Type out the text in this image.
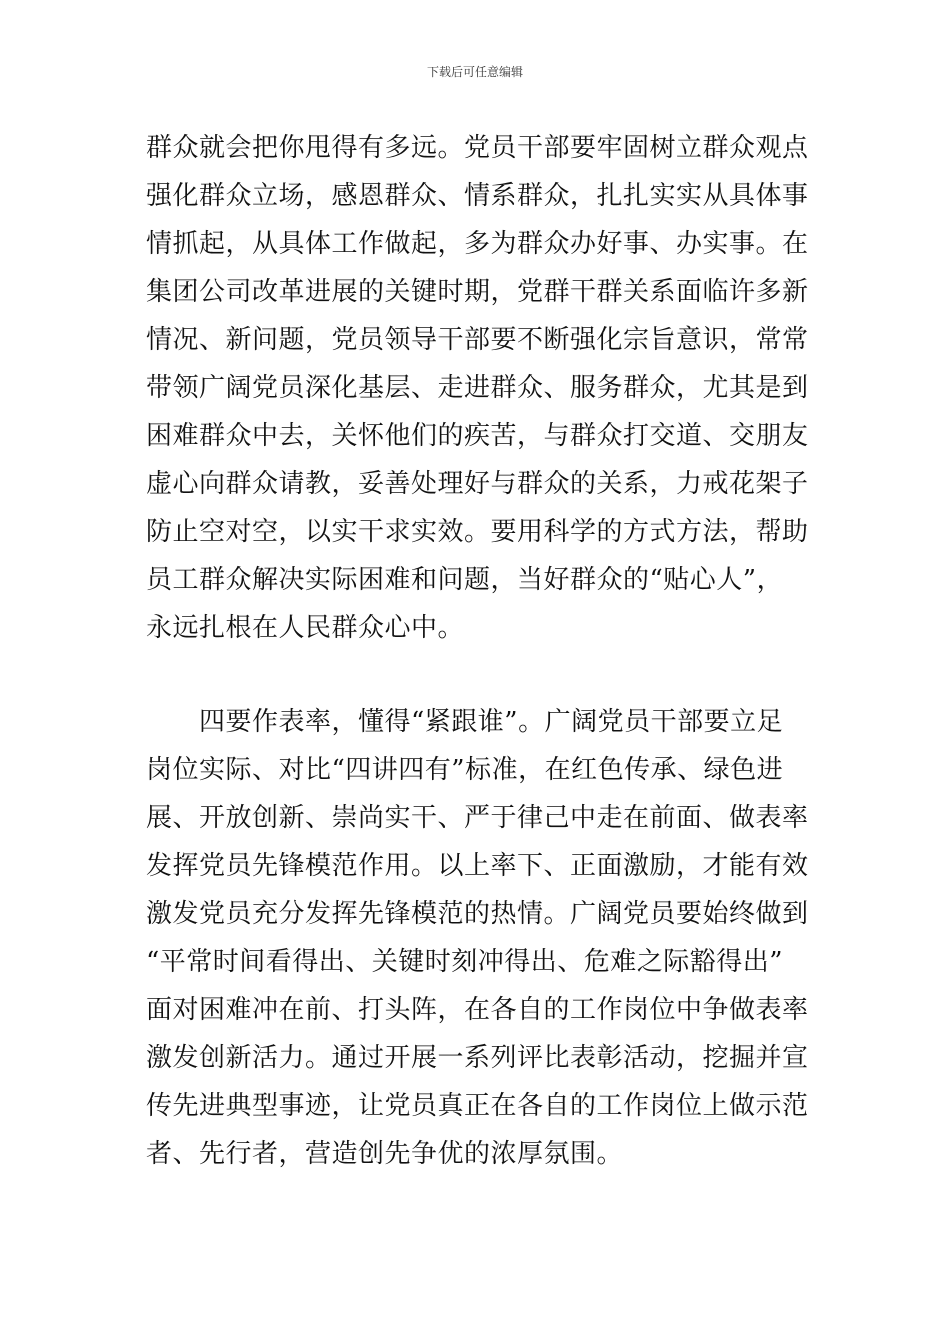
下载后可任意编辑
群众就会把你甩得有多远。党员干部要牢固树立群众观点
强化群众立场，感恩群众、情系群众，扎扎实实从具体事
情抓起，从具体工作做起，多为群众办好事、办实事。在
集团公司改革进展的关键时期，党群干群关系面临许多新
情况、新问题，党员领导干部要不断强化宗旨意识，常常
带领广阔党员深化基层、走进群众、服务群众，尤其是到
困难群众中去，关怀他们的疾苦，与群众打交道、交朋友
虚心向群众请教，妥善处理好与群众的关系，力戒花架子
防止空对空，以实干求实效。要用科学的方式方法，帮助
员工群众解决实际困难和问题，当好群众的“贴心人”，
永远扎根在人民群众心中。
　　四要作表率，懂得“紧跟谁”。广阔党员干部要立足
岗位实际、对比“四讲四有”标准，在红色传承、绿色进
展、开放创新、崇尚实干、严于律己中走在前面、做表率
发挥党员先锋模范作用。以上率下、正面激励，才能有效
激发党员充分发挥先锋模范的热情。广阔党员要始终做到
“平常时间看得出、关键时刻冲得出、危难之际豁得出”
面对困难冲在前、打头阵，在各自的工作岗位中争做表率
激发创新活力。通过开展一系列评比表彰活动，挖掘并宣
传先进典型事迹，让党员真正在各自的工作岗位上做示范
者、先行者，营造创先争优的浓厚氛围。
